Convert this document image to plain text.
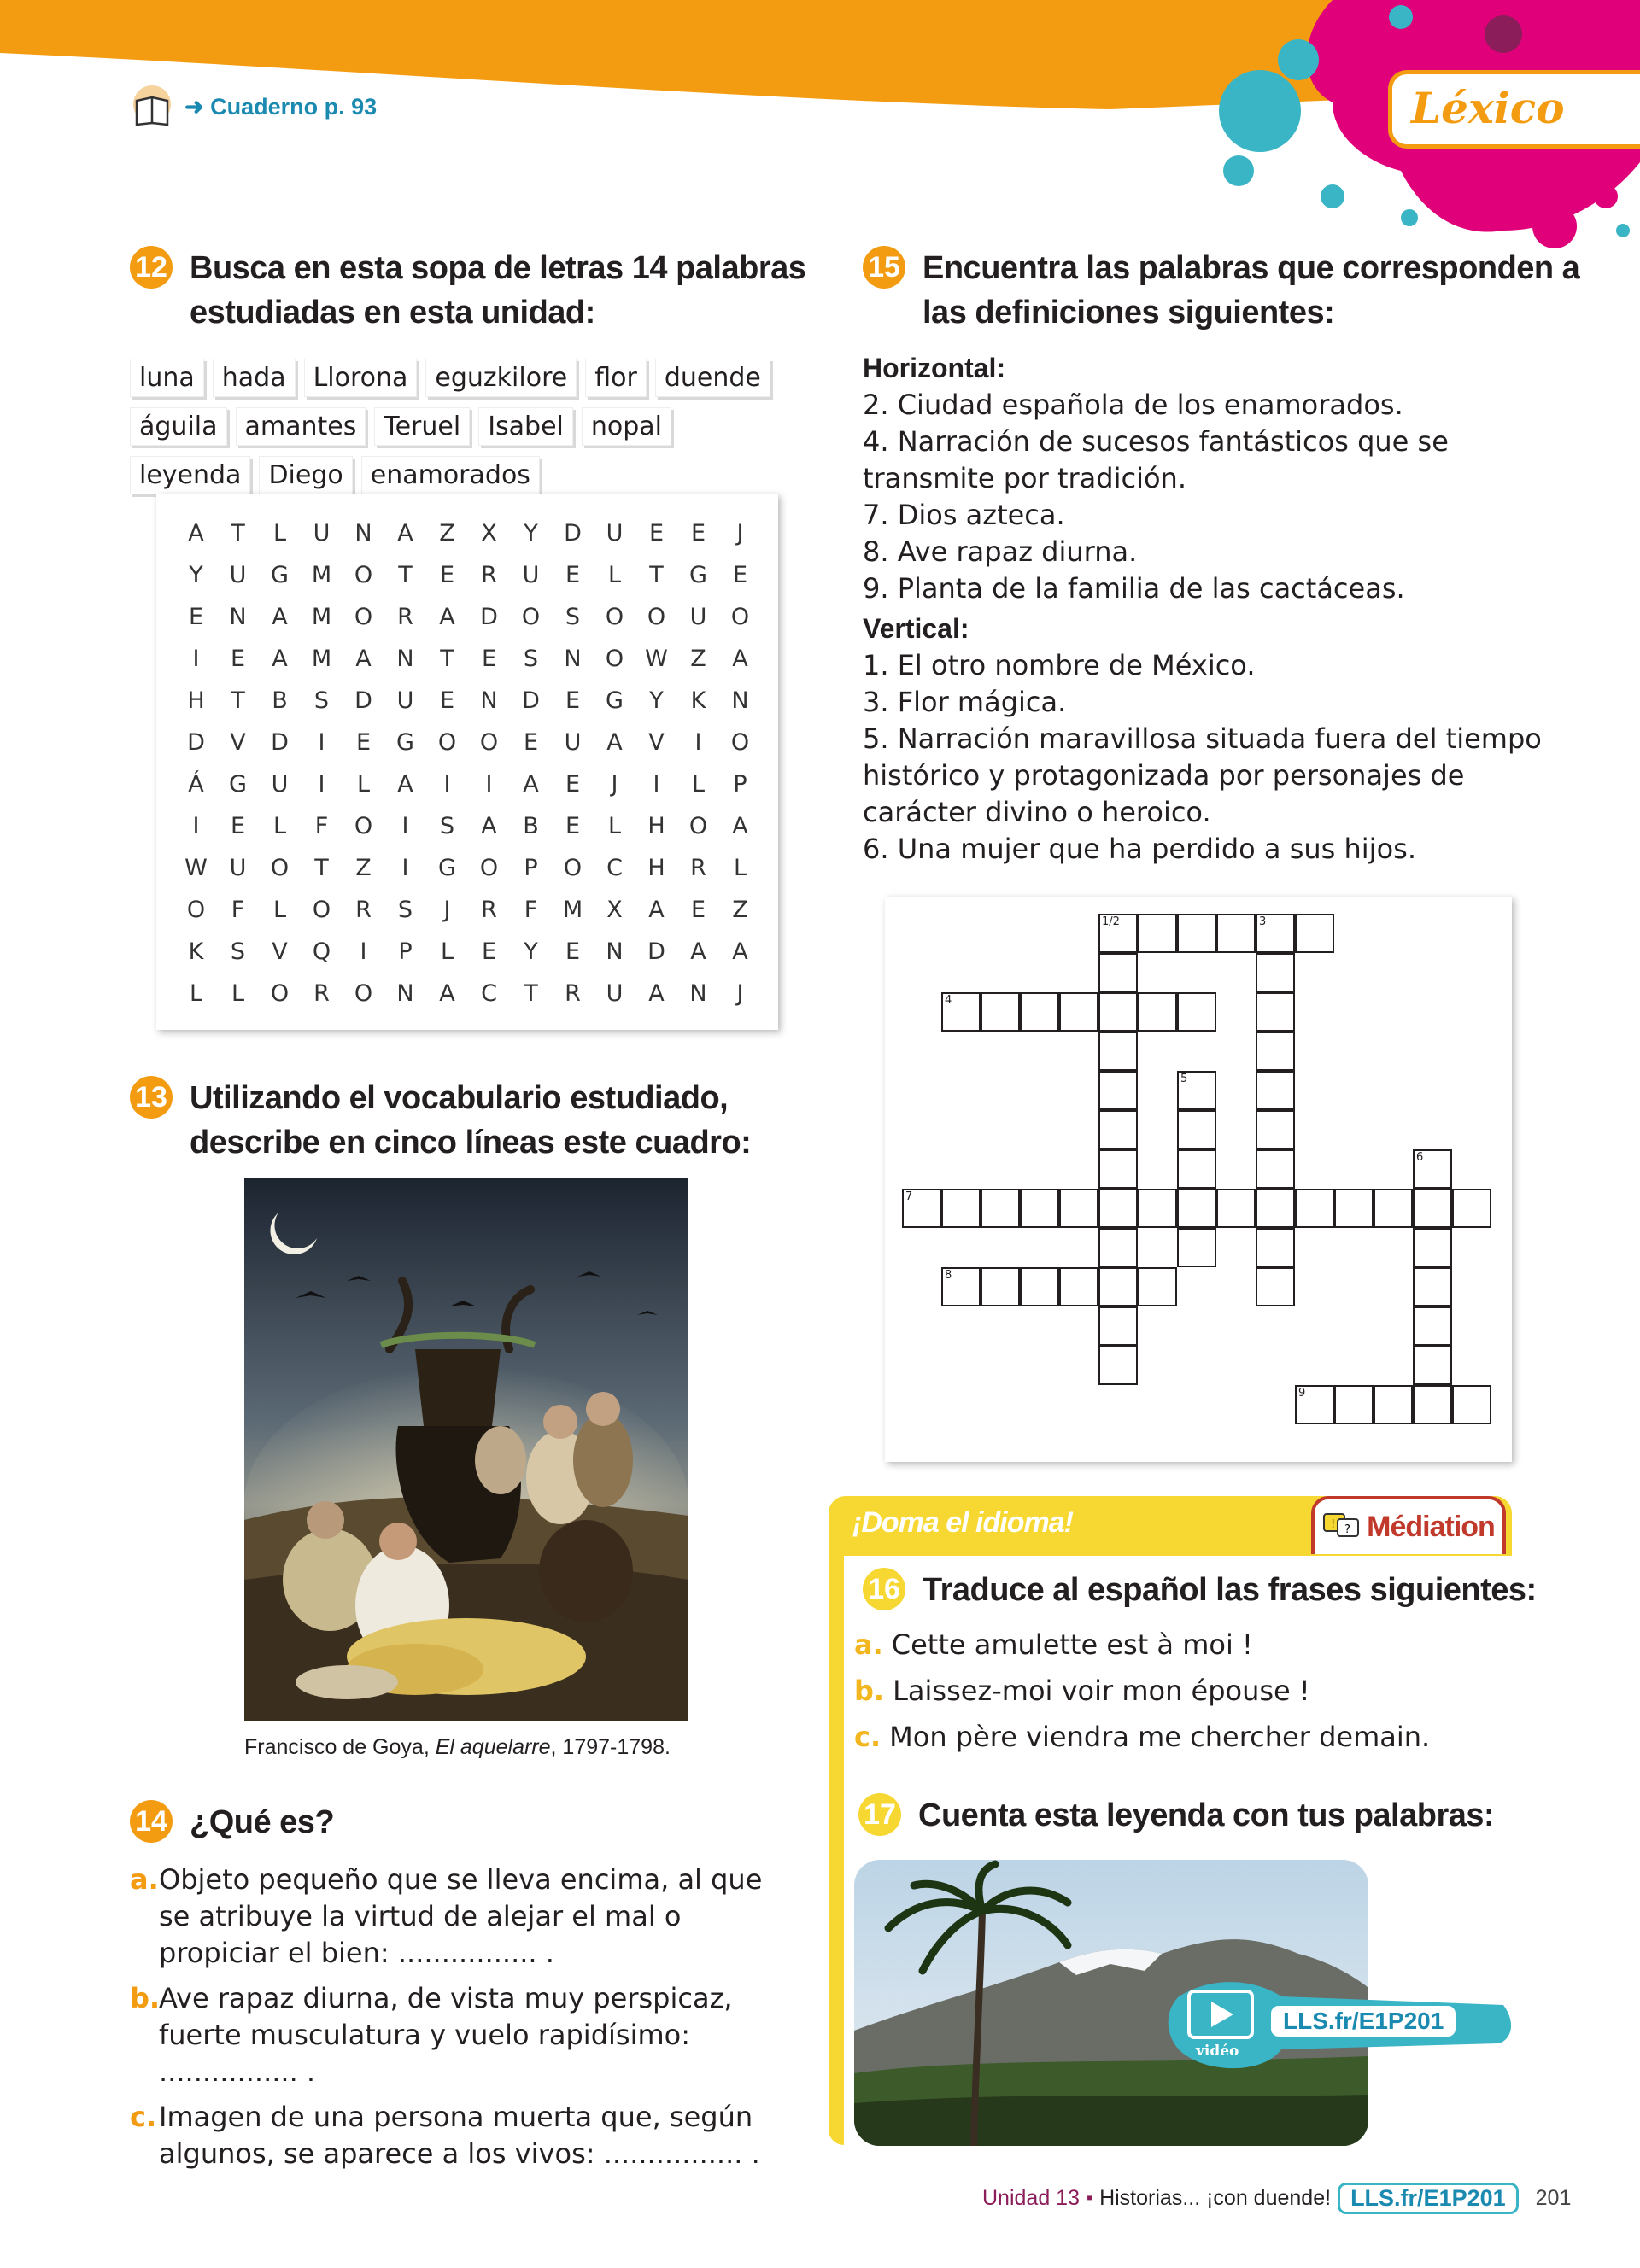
Léxico
➜ Cuaderno p. 93
12 Busca en esta sopa de letras 14 palabras
estudiadas en esta unidad:
luna hada Llorona eguzkilore flor duendeáguila amantes Teruel Isabel nopalleyenda Diego enamorados
A	T	L	U	N	A	Z	X	Y	D	U	E	E	J
Y	U	G M O	T	E	R	U	E	L	T	G	E
E	N	A	M O	R	A	D	O	S	O	O	U	O
I	E	A	M	A	N	T	E	S	N	O W Z	A
H	T	B	S	D	U	E	N	D	E	G	Y	K	N
D	V	D	I	E	G	O	O	E	U	A	V	I	O
Á	G	U	I	L	A	I	I	A	E	J	I	L	P
I	E	L	F	O	I	S	A	B	E	L	H	O	A
W U	O	T	Z	I	G	O	P	O	C	H	R	L
O	F	L	O	R	S	J	R	F	M	X	A	E	Z
K	S	V	Q	I	P	L	E	Y	E	N	D	A	A
L	L	O	R	O	N	A	C	T	R	U	A	N	J
13 Utilizando el vocabulario estudiado,
describe en cinco líneas este cuadro:
Francisco de Goya, El aquelarre, 1797-1798.
14 ¿Qué es?
a. Objeto pequeño que se lleva encima, al que se atribuye la virtud de alejar el mal o propiciar el bien: ................ .
b.
Ave rapaz diurna, de vista muy perspicaz, fuerte musculatura y vuelo rapidísimo: ................ .
c. Imagen de una persona muerta que, según algunos, se aparece a los vivos: ................ .
15 Encuentra las palabras que corresponden a
las definiciones siguientes:
Horizontal:
2. Ciudad española de los enamorados.
4. Narración de sucesos fantásticos que se transmite por tradición.
7. Dios azteca.
8. Ave rapaz diurna.
9. Planta de la familia de las cactáceas.
Vertical:
1. El otro nombre de México.
3. Flor mágica.
5. Narración maravillosa situada fuera del tiempo histórico y protagonizada por personajes de carácter divino o heroico.
6. Una mujer que ha perdido a sus hijos.
1/2	3
4
5
6
7
8
9
¡Doma el idioma!	! ? Médiation
16 Traduce al español las frases siguientes:
a. Cette amulette est à moi !
b. Laissez-moi voir mon épouse !
c. Mon père viendra me chercher demain.
17 Cuenta esta leyenda con tus palabras:
vidéo
LLS.fr/E1P201
Unidad 13 ▪ Historias... ¡con duende! LLS.fr/E1P201	201
